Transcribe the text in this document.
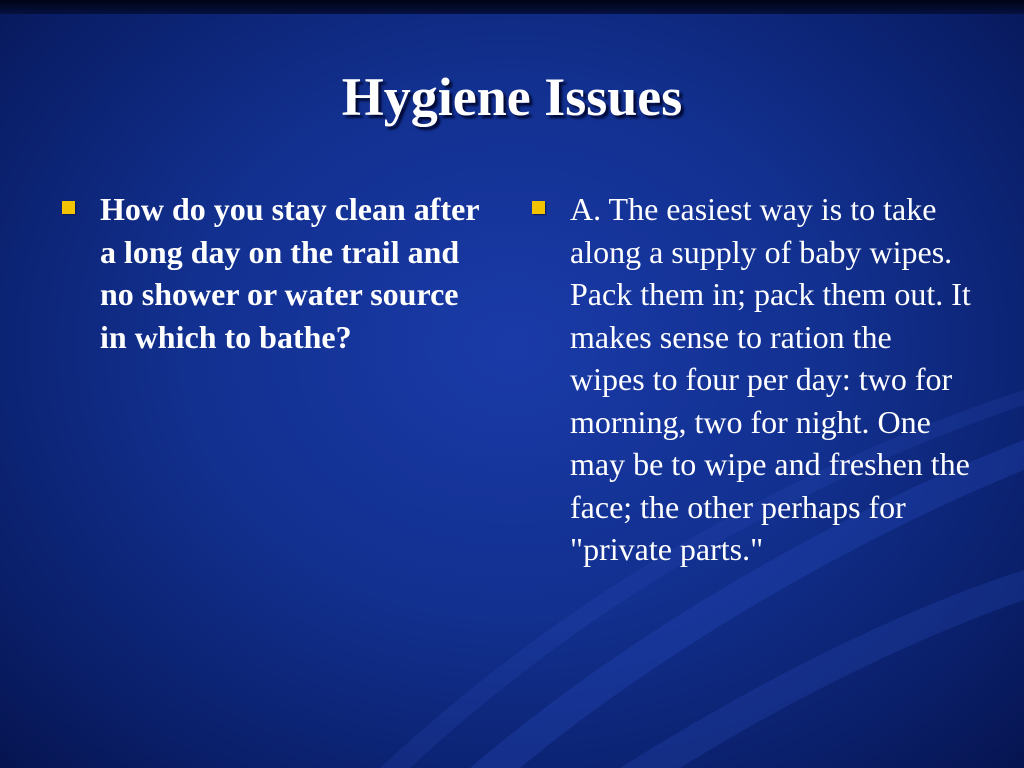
Hygiene Issues
How do you stay clean after a long day on the trail and no shower or water source in which to bathe?
A. The easiest way is to take along a supply of baby wipes. Pack them in; pack them out. It makes sense to ration the wipes to four per day: two for morning, two for night. One may be to wipe and freshen the face; the other perhaps for "private parts."
